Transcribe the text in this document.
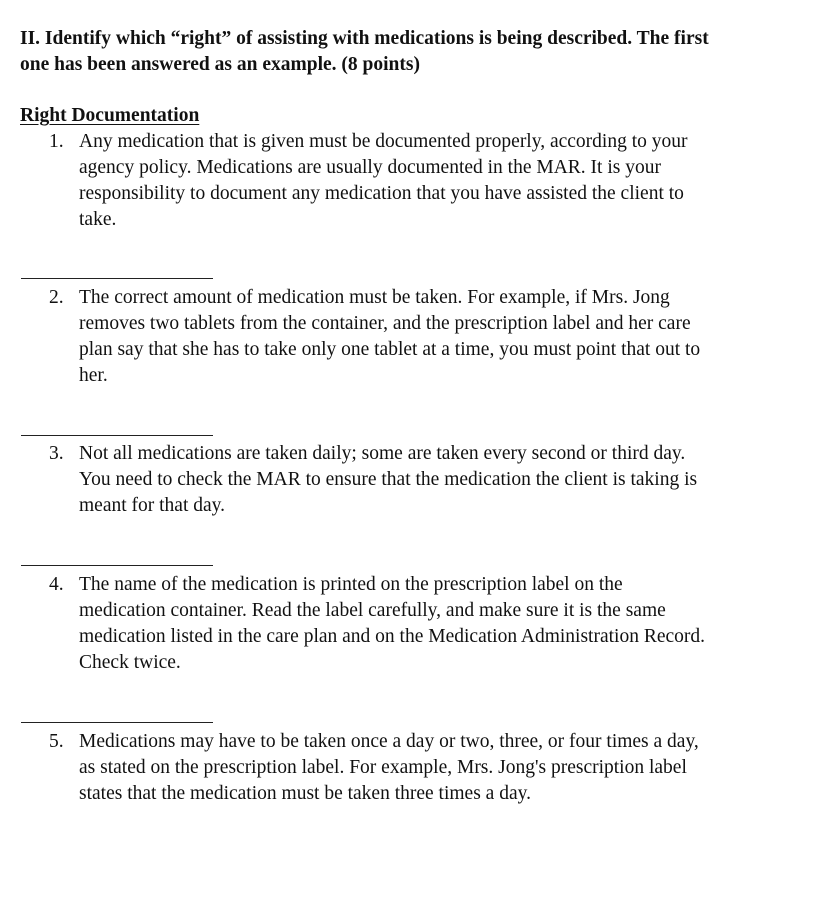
II. Identify which “right” of assisting with medications is being described. The first
one has been answered as an example. (8 points)
Right Documentation
1. Any medication that is given must be documented properly, according to your
agency policy. Medications are usually documented in the MAR. It is your
responsibility to document any medication that you have assisted the client to
take.
2. The correct amount of medication must be taken. For example, if Mrs. Jong
removes two tablets from the container, and the prescription label and her care
plan say that she has to take only one tablet at a time, you must point that out to
her.
3. Not all medications are taken daily; some are taken every second or third day.
You need to check the MAR to ensure that the medication the client is taking is
meant for that day.
4. The name of the medication is printed on the prescription label on the
medication container. Read the label carefully, and make sure it is the same
medication listed in the care plan and on the Medication Administration Record.
Check twice.
5. Medications may have to be taken once a day or two, three, or four times a day,
as stated on the prescription label. For example, Mrs. Jong's prescription label
states that the medication must be taken three times a day.
